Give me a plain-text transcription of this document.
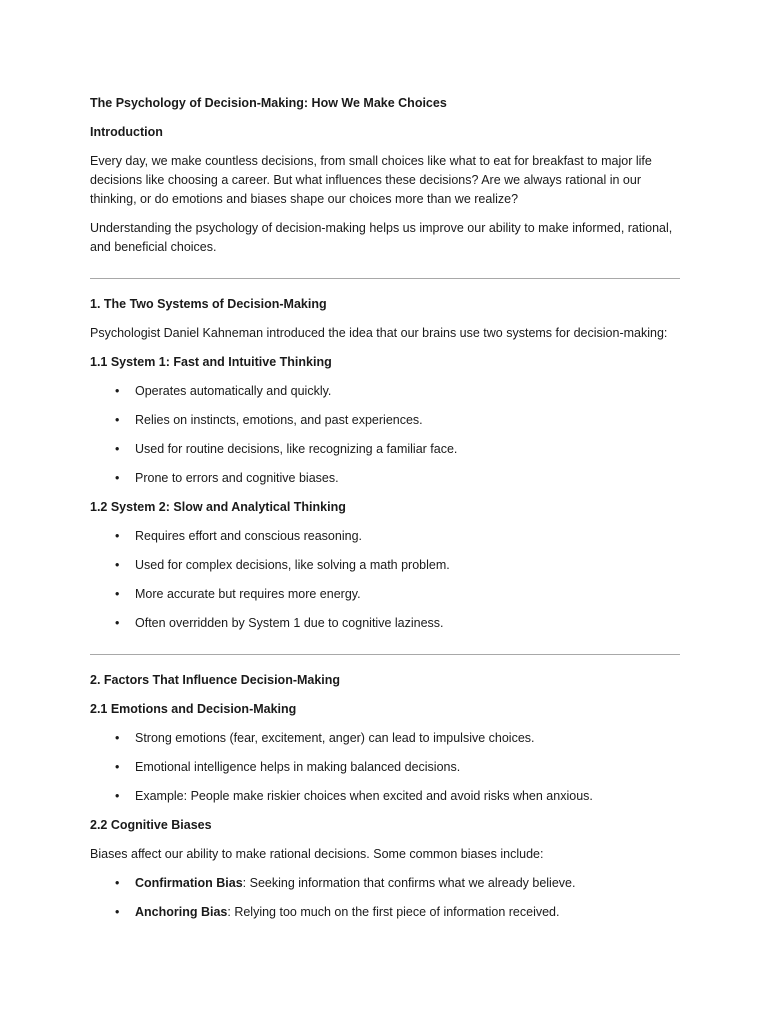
The Psychology of Decision-Making: How We Make Choices

Introduction

Every day, we make countless decisions, from small choices like what to eat for breakfast to major life decisions like choosing a career. But what influences these decisions? Are we always rational in our thinking, or do emotions and biases shape our choices more than we realize?

Understanding the psychology of decision-making helps us improve our ability to make informed, rational, and beneficial choices.

1. The Two Systems of Decision-Making

Psychologist Daniel Kahneman introduced the idea that our brains use two systems for decision-making:

1.1 System 1: Fast and Intuitive Thinking

• Operates automatically and quickly.
• Relies on instincts, emotions, and past experiences.
• Used for routine decisions, like recognizing a familiar face.
• Prone to errors and cognitive biases.

1.2 System 2: Slow and Analytical Thinking

• Requires effort and conscious reasoning.
• Used for complex decisions, like solving a math problem.
• More accurate but requires more energy.
• Often overridden by System 1 due to cognitive laziness.

2. Factors That Influence Decision-Making

2.1 Emotions and Decision-Making

• Strong emotions (fear, excitement, anger) can lead to impulsive choices.
• Emotional intelligence helps in making balanced decisions.
• Example: People make riskier choices when excited and avoid risks when anxious.

2.2 Cognitive Biases

Biases affect our ability to make rational decisions. Some common biases include:

• Confirmation Bias: Seeking information that confirms what we already believe.
• Anchoring Bias: Relying too much on the first piece of information received.
